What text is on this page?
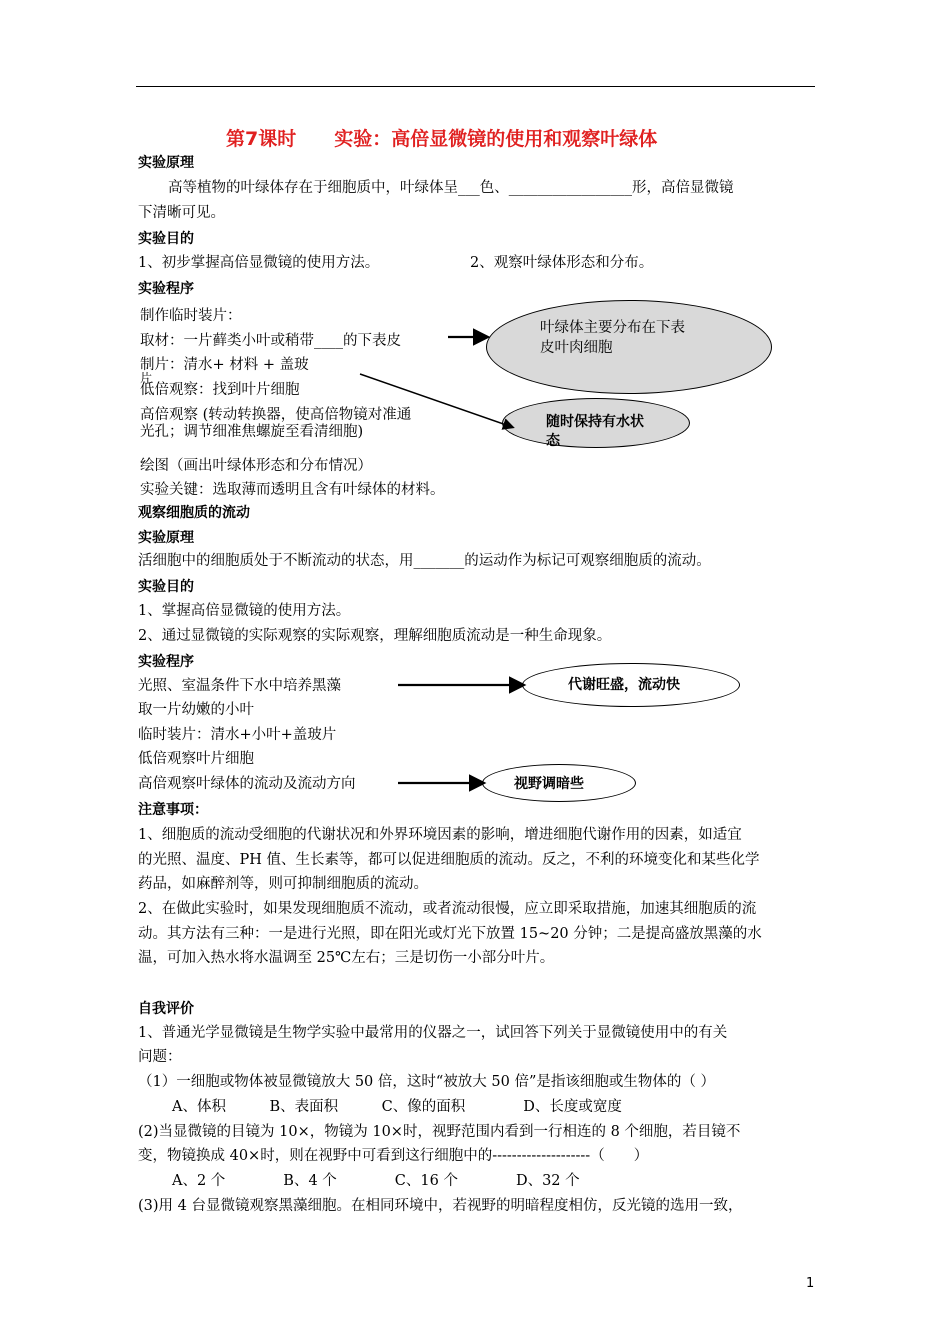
第7课时　　实验：高倍显微镜的使用和观察叶绿体
实验原理
高等植物的叶绿体存在于细胞质中，叶绿体呈___色、_________________形，高倍显微镜
下清晰可见。
实验目的
1、初步掌握高倍显微镜的使用方法。	2、观察叶绿体形态和分布。
实验程序
制作临时装片：
取材：一片藓类小叶或稍带____的下表皮
制片：清水+ 材料 + 盖玻
片
低倍观察：找到叶片细胞
高倍观察 (转动转换器，使高倍物镜对准通
光孔；调节细准焦螺旋至看清细胞)
叶绿体主要分布在下表
皮叶肉细胞
随时保持有水状
态
绘图（画出叶绿体形态和分布情况）
实验关键：选取薄而透明且含有叶绿体的材料。
观察细胞质的流动
实验原理
活细胞中的细胞质处于不断流动的状态，用_______的运动作为标记可观察细胞质的流动。
实验目的
1、掌握高倍显微镜的使用方法。
2、通过显微镜的实际观察的实际观察，理解细胞质流动是一种生命现象。
实验程序
光照、室温条件下水中培养黑藻
取一片幼嫩的小叶
临时装片：清水+小叶+盖玻片
低倍观察叶片细胞
高倍观察叶绿体的流动及流动方向
代谢旺盛，流动快
视野调暗些
注意事项：
1、细胞质的流动受细胞的代谢状况和外界环境因素的影响，增进细胞代谢作用的因素，如适宜
的光照、温度、PH 值、生长素等，都可以促进细胞质的流动。反之，不利的环境变化和某些化学
药品，如麻醉剂等，则可抑制细胞质的流动。
2、在做此实验时，如果发现细胞质不流动，或者流动很慢，应立即采取措施，加速其细胞质的流
动。其方法有三种：一是进行光照，即在阳光或灯光下放置 15~20 分钟；二是提高盛放黑藻的水
温，可加入热水将水温调至 25℃左右；三是切伤一小部分叶片。
自我评价
1、普通光学显微镜是生物学实验中最常用的仪器之一，试回答下列关于显微镜使用中的有关
问题：
（1）一细胞或物体被显微镜放大 50 倍，这时“被放大 50 倍”是指该细胞或生物体的（ ）
A、体积　　　B、表面积　　　C、像的面积　　　　D、长度或宽度
(2)当显微镜的目镜为 10×，物镜为 10×时，视野范围内看到一行相连的 8 个细胞，若目镜不
变，物镜换成 40×时，则在视野中可看到这行细胞中的--------------------（　　）
A、2 个　　　　B、4 个　　　　C、16 个　　　　D、32 个
(3)用 4 台显微镜观察黑藻细胞。在相同环境中，若视野的明暗程度相仿，反光镜的选用一致，
1
